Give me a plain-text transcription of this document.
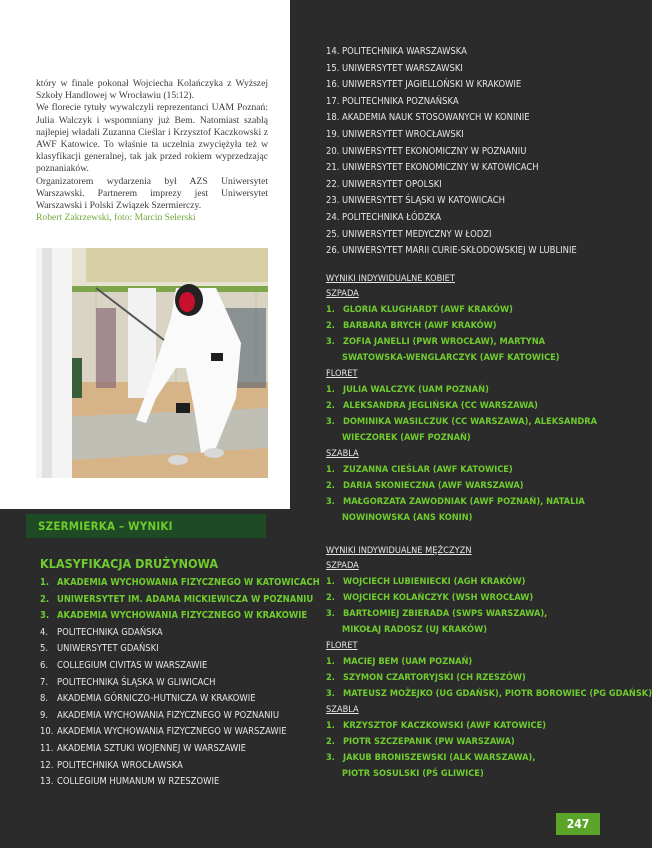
który w finale pokonał Wojciecha Kolańczyka z Wyższej Szkoły Handlowej w Wrocławiu (15:12).

We florecie tytuły wywalczyli reprezentanci UAM Poznań: Julia Walczyk i wspomniany już Bem. Natomiast szablą najlepiej władali Zuzanna Cieślar i Krzysztof Kaczkowski z AWF Katowice. To właśnie ta uczelnia zwyciężyła też w klasyfikacji generalnej, tak jak przed rokiem wyprzedzając poznaniaków.

Organizatorem wydarzenia był AZS Uniwersytet Warszawski. Partnerem imprezy jest Uniwersytet Warszawski i Polski Związek Szermierczy.

Robert Zakrzewski, foto: Marcin Selerski

SZERMIERKA – WYNIKI
KLASYFIKACJA DRUŻYNOWA
1. AKADEMIA WYCHOWANIA FIZYCZNEGO W KATOWICACH
2. UNIWERSYTET IM. ADAMA MICKIEWICZA W POZNANIU
3. AKADEMIA WYCHOWANIA FIZYCZNEGO W KRAKOWIE
4. POLITECHNIKA GDAŃSKA
5. UNIWERSYTET GDAŃSKI
6. COLLEGIUM CIVITAS W WARSZAWIE
7. POLITECHNIKA ŚLĄSKA W GLIWICACH
8. AKADEMIA GÓRNICZO-HUTNICZA W KRAKOWIE
9. AKADEMIA WYCHOWANIA FIZYCZNEGO W POZNANIU
10. AKADEMIA WYCHOWANIA FIZYCZNEGO W WARSZAWIE
11. AKADEMIA SZTUKI WOJENNEJ W WARSZAWIE
12. POLITECHNIKA WROCŁAWSKA
13. COLLEGIUM HUMANUM W RZESZOWIE
14. POLITECHNIKA WARSZAWSKA
15. UNIWERSYTET WARSZAWSKI
16. UNIWERSYTET JAGIELLOŃSKI W KRAKOWIE
17. POLITECHNIKA POZNAŃSKA
18. AKADEMIA NAUK STOSOWANYCH W KONINIE
19. UNIWERSYTET WROCŁAWSKI
20. UNIWERSYTET EKONOMICZNY W POZNANIU
21. UNIWERSYTET EKONOMICZNY W KATOWICACH
22. UNIWERSYTET OPOLSKI
23. UNIWERSYTET ŚLĄSKI W KATOWICACH
24. POLITECHNIKA ŁÓDZKA
25. UNIWERSYTET MEDYCZNY W ŁODZI
26. UNIWERSYTET MARII CURIE-SKŁODOWSKIEJ W LUBLINIE
WYNIKI INDYWIDUALNE KOBIET
SZPADA
1. GLORIA KLUGHARDT (AWF KRAKÓW)
2. BARBARA BRYCH (AWF KRAKÓW)
3. ZOFIA JANELLI (PWR WROCŁAW), MARTYNA
SWATOWSKA-WENGLARCZYK (AWF KATOWICE)
FLORET
1. JULIA WALCZYK (UAM POZNAŃ)
2. ALEKSANDRA JEGLIŃSKA (CC WARSZAWA)
3. DOMINIKA WASILCZUK (CC WARSZAWA), ALEKSANDRA
WIECZOREK (AWF POZNAŃ)
SZABLA
1. ZUZANNA CIEŚLAR (AWF KATOWICE)
2. DARIA SKONIECZNA (AWF WARSZAWA)
3. MAŁGORZATA ZAWODNIAK (AWF POZNAŃ), NATALIA
NOWINOWSKA (ANS KONIN)
WYNIKI INDYWIDUALNE MĘŻCZYZN
SZPADA
1. WOJCIECH LUBIENIECKI (AGH KRAKÓW)
2. WOJCIECH KOLAŃCZYK (WSH WROCŁAW)
3. BARTŁOMIEJ ZBIERADA (SWPS WARSZAWA),
MIKOŁAJ RADOSZ (UJ KRAKÓW)
FLORET
1. MACIEJ BEM (UAM POZNAŃ)
2. SZYMON CZARTORYJSKI (CH RZESZÓW)
3. MATEUSZ MOŻEJKO (UG GDAŃSK), PIOTR BOROWIEC (PG GDAŃSK)
SZABLA
1. KRZYSZTOF KACZKOWSKI (AWF KATOWICE)
2. PIOTR SZCZEPANIK (PW WARSZAWA)
3. JAKUB BRONISZEWSKI (ALK WARSZAWA),
PIOTR SOSULSKI (PŚ GLIWICE)
247
